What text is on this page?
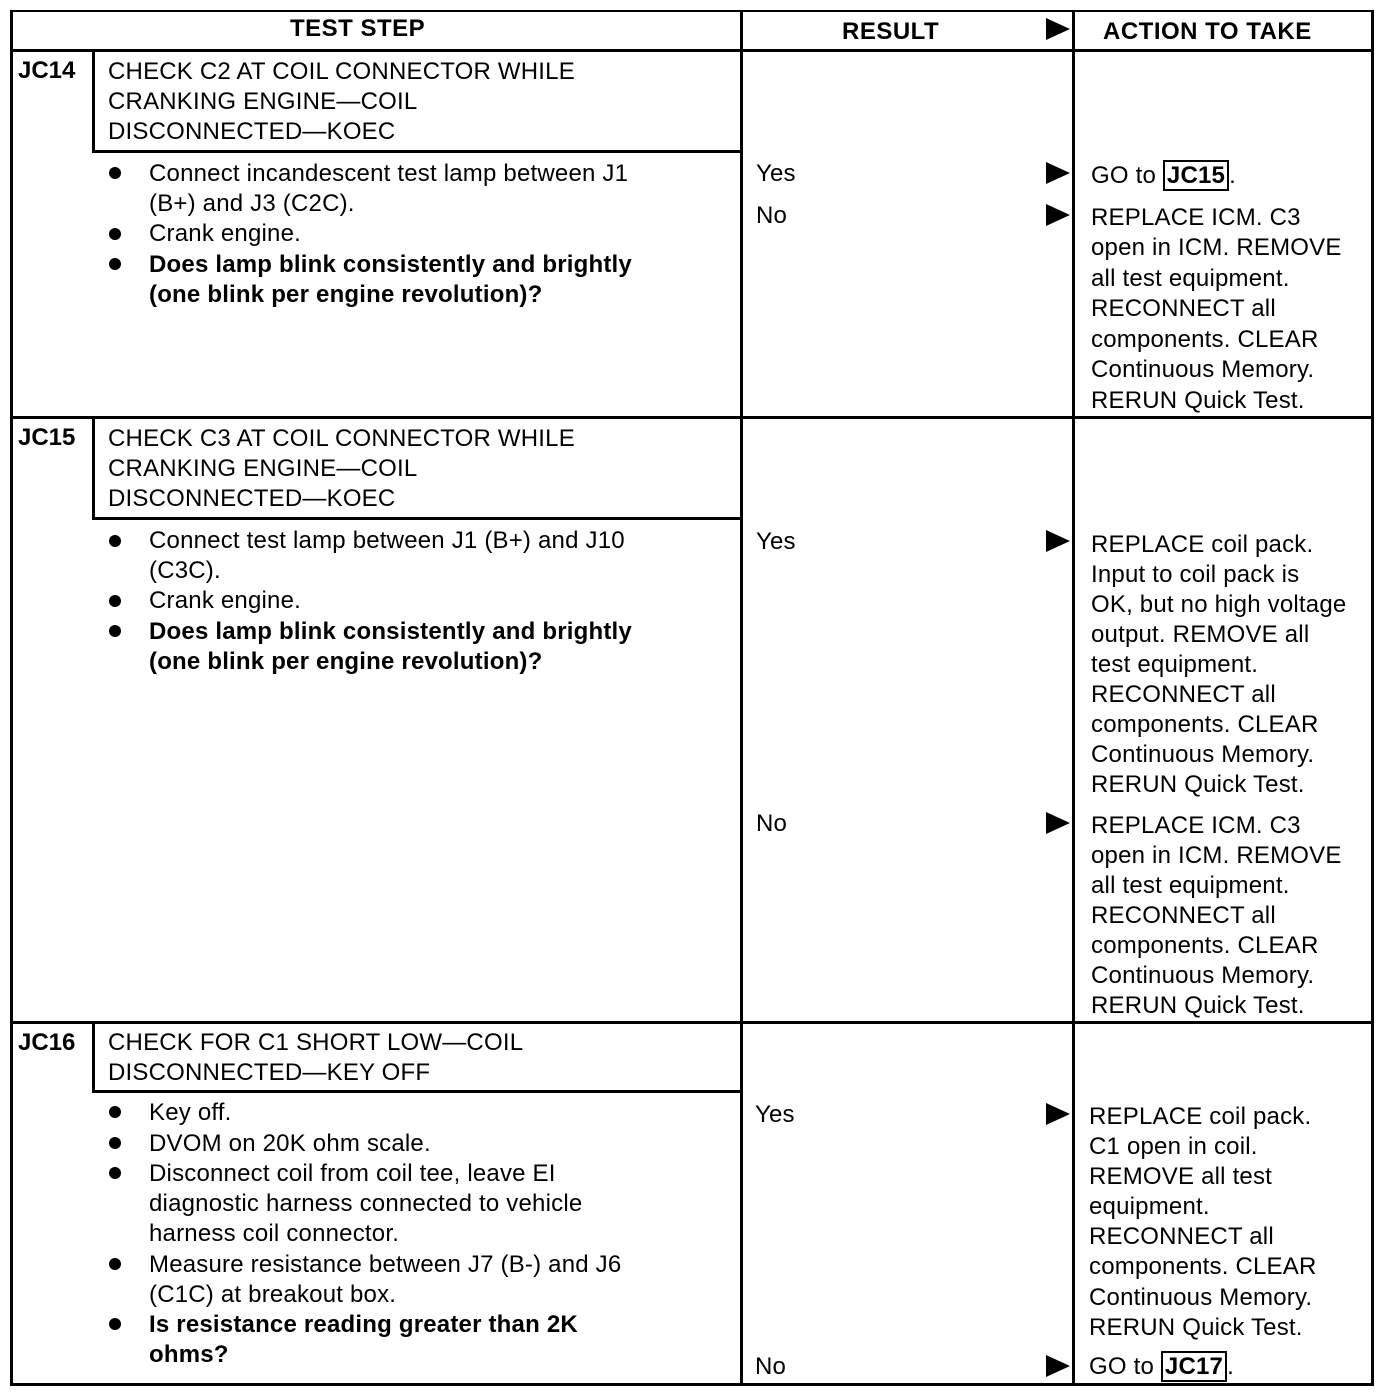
TEST STEP	RESULT	ACTION TO TAKE
JC14 CHECK C2 AT COIL CONNECTOR WHILE
CRANKING ENGINE—COIL
DISCONNECTED—KOEC
Connect incandescent test lamp between J1
(B+) and J3 (C2C).
Crank engine.
Does lamp blink consistently and brightly
(one blink per engine revolution)?
Yes	GO to JC15 .
No	REPLACE ICM. C3
open in ICM. REMOVE
all test equipment.
RECONNECT all
components. CLEAR
Continuous Memory.
RERUN Quick Test.
JC15 CHECK C3 AT COIL CONNECTOR WHILE
CRANKING ENGINE—COIL
DISCONNECTED—KOEC
Connect test lamp between J1 (B+) and J10
(C3C).
Crank engine.
Does lamp blink consistently and brightly
(one blink per engine revolution)?
Yes	REPLACE coil pack.
Input to coil pack is
OK, but no high voltage
output. REMOVE all
test equipment.
RECONNECT all
components. CLEAR
Continuous Memory.
RERUN Quick Test.
No	REPLACE ICM. C3
open in ICM. REMOVE
all test equipment.
RECONNECT all
components. CLEAR
Continuous Memory.
RERUN Quick Test.
JC16 CHECK FOR C1 SHORT LOW—COIL
DISCONNECTED—KEY OFF
Key off.
DVOM on 20K ohm scale.
Disconnect coil from coil tee, leave EI
diagnostic harness connected to vehicle
harness coil connector.
Measure resistance between J7 (B-) and J6
(C1C) at breakout box.
Is resistance reading greater than 2K
ohms?
Yes	REPLACE coil pack.
C1 open in coil.
REMOVE all test
equipment.
RECONNECT all
components. CLEAR
Continuous Memory.
RERUN Quick Test.
No	GO to JC17 .
